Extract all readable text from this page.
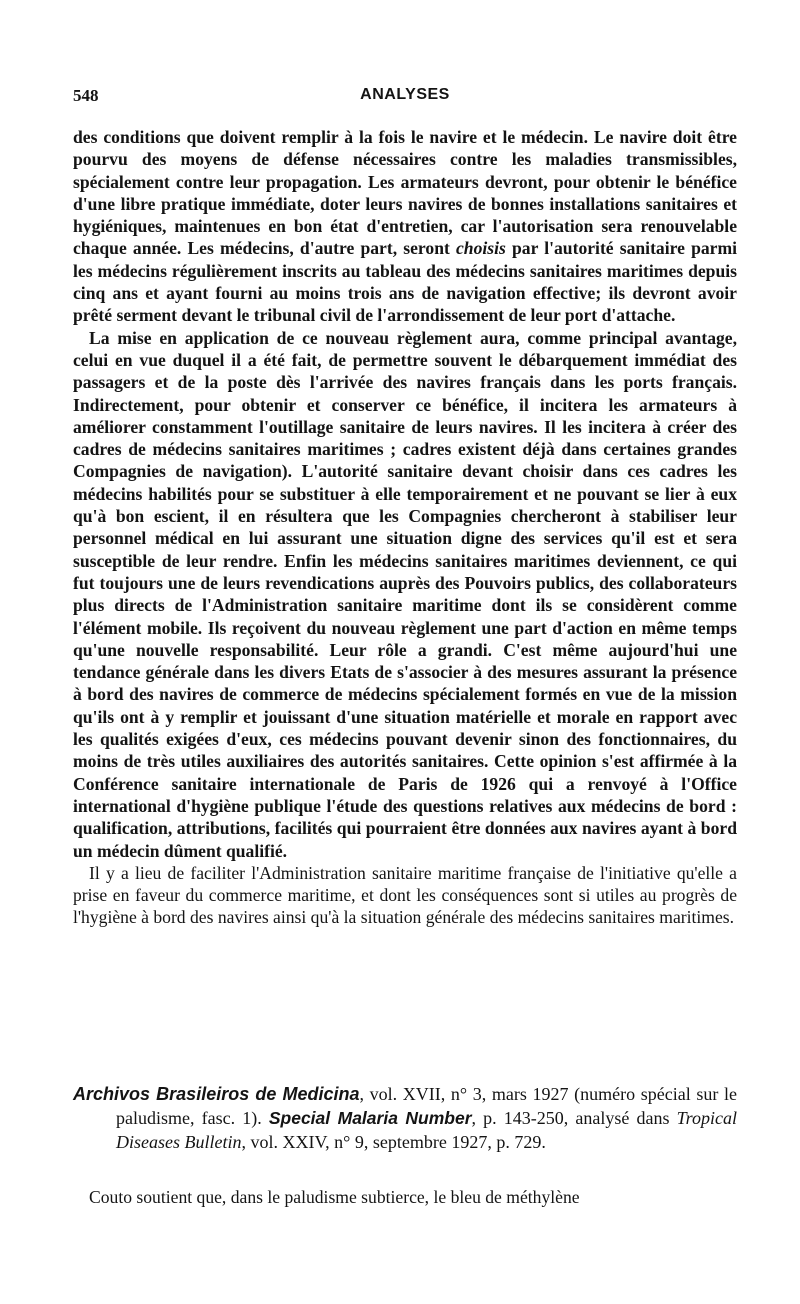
548	ANALYSES

des conditions que doivent remplir à la fois le navire et le médecin. Le navire doit être pourvu des moyens de défense nécessaires contre les maladies transmissibles, spécialement contre leur propagation. Les armateurs devront, pour obtenir le bénéfice d'une libre pratique immédiate, doter leurs navires de bonnes installations sanitaires et hygiéniques, maintenues en bon état d'entretien, car l'autorisation sera renouvelable chaque année. Les médecins, d'autre part, seront choisis par l'autorité sanitaire parmi les médecins régulièrement inscrits au tableau des médecins sanitaires maritimes depuis cinq ans et ayant fourni au moins trois ans de navigation effective; ils devront avoir prêté serment devant le tribunal civil de l'arrondissement de leur port d'attache.

La mise en application de ce nouveau règlement aura, comme principal avantage, celui en vue duquel il a été fait, de permettre souvent le débarquement immédiat des passagers et de la poste dès l'arrivée des navires français dans les ports français. Indirectement, pour obtenir et conserver ce bénéfice, il incitera les armateurs à améliorer constamment l'outillage sanitaire de leurs navires. Il les incitera à créer des cadres de médecins sanitaires maritimes ; cadres existent déjà dans certaines grandes Compagnies de navigation). L'autorité sanitaire devant choisir dans ces cadres les médecins habilités pour se substituer à elle temporairement et ne pouvant se lier à eux qu'à bon escient, il en résultera que les Compagnies chercheront à stabiliser leur personnel médical en lui assurant une situation digne des services qu'il est et sera susceptible de leur rendre. Enfin les médecins sanitaires maritimes deviennent, ce qui fut toujours une de leurs revendications auprès des Pouvoirs publics, des collaborateurs plus directs de l'Administration sanitaire maritime dont ils se considèrent comme l'élément mobile. Ils reçoivent du nouveau règlement une part d'action en même temps qu'une nouvelle responsabilité. Leur rôle a grandi. C'est même aujourd'hui une tendance générale dans les divers Etats de s'associer à des mesures assurant la présence à bord des navires de commerce de médecins spécialement formés en vue de la mission qu'ils ont à y remplir et jouissant d'une situation matérielle et morale en rapport avec les qualités exigées d'eux, ces médecins pouvant devenir sinon des fonctionnaires, du moins de très utiles auxiliaires des autorités sanitaires. Cette opinion s'est affirmée à la Conférence sanitaire internationale de Paris de 1926 qui a renvoyé à l'Office international d'hygiène publique l'étude des questions relatives aux médecins de bord : qualification, attributions, facilités qui pourraient être données aux navires ayant à bord un médecin dûment qualifié.

Il y a lieu de faciliter l'Administration sanitaire maritime française de l'initiative qu'elle a prise en faveur du commerce maritime, et dont les conséquences sont si utiles au progrès de l'hygiène à bord des navires ainsi qu'à la situation générale des médecins sanitaires maritimes.

Archivos Brasileiros de Medicina, vol. XVII, n° 3, mars 1927 (numéro spécial sur le paludisme, fasc. 1). Special Malaria Number, p. 143-250, analysé dans Tropical Diseases Bulletin, vol. XXIV, n° 9, septembre 1927, p. 729.

Couto soutient que, dans le paludisme subtierce, le bleu de méthylène
